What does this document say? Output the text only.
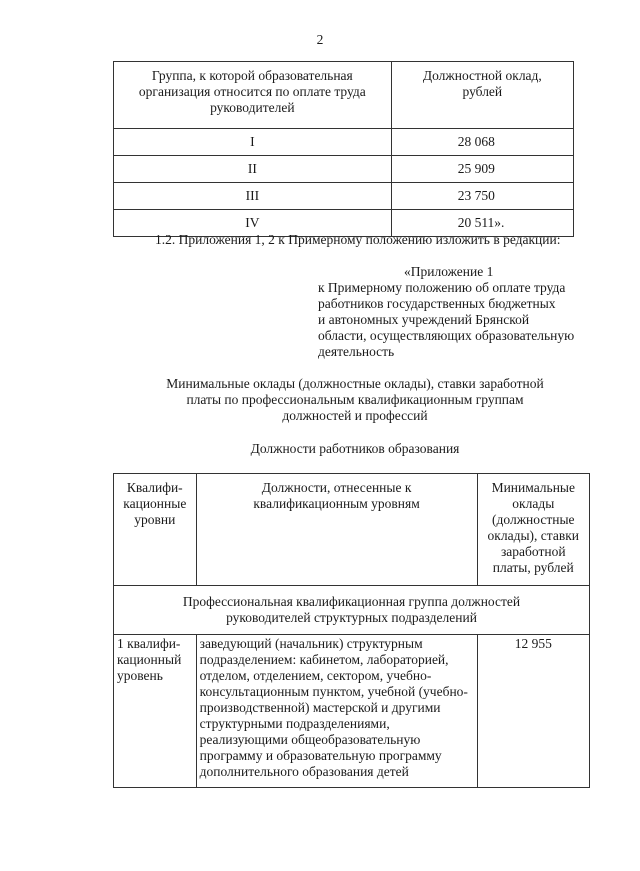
2
Группа, к которой образовательная организация относится по оплате труда руководителей	Должностной оклад, рублей

I	28 068
II	25 909
III	23 750
IV	20 511».
1.2. Приложения 1, 2 к Примерному положению изложить в редакции:
«Приложение 1
к Примерному положению об оплате труда
работников государственных бюджетных
и автономных учреждений Брянской
области, осуществляющих образовательную
деятельность
Минимальные оклады (должностные оклады), ставки заработной
платы по профессиональным квалификационным группам
должностей и профессий
Должности работников образования
Квалифи-кационные уровни	Должности, отнесенные к квалификационным уровням	Минимальные оклады (должностные оклады), ставки заработной платы, рублей

Профессиональная квалификационная группа должностей руководителей структурных подразделений		

1 квалифи-кационный уровень	заведующий (начальник) структурным подразделением: кабинетом, лабораторией, отделом, отделением, сектором, учебно-консультационным пунктом, учебной (учебно-производственной) мастерской и другими структурными подразделениями, реализующими общеобразовательную программу и образовательную программу дополнительного образования детей	12 955
